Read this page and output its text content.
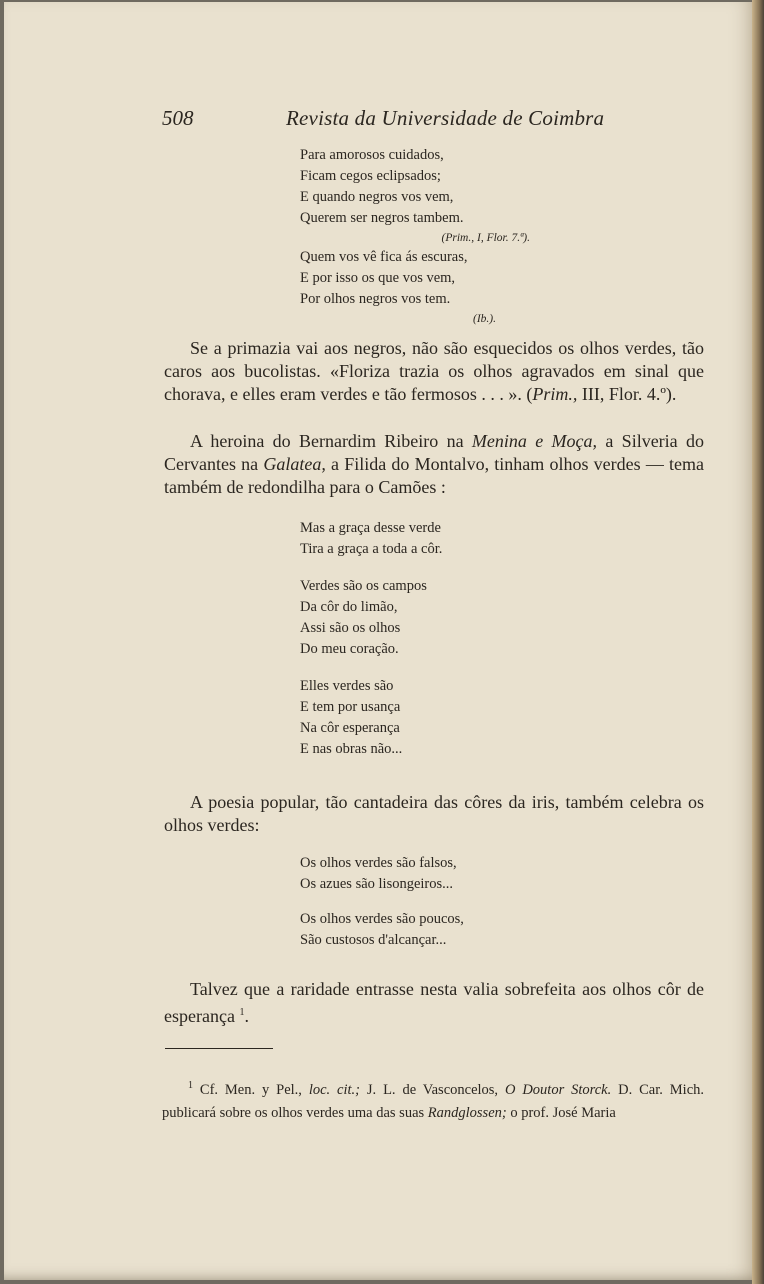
508	Revista da Universidade de Coimbra
Para amorosos cuidados,
Ficam cegos eclipsados;
E quando negros vos vem,
Querem ser negros tambem.
(Prim., I, Flor. 7.ª).
Quem vos vê fica ás escuras,
E por isso os que vos vem,
Por olhos negros vos tem.
(Ib.).

Se a primazia vai aos negros, não são esquecidos os olhos verdes, tão caros aos bucolistas. «Floriza trazia os olhos agravados em sinal que chorava, e elles eram verdes e tão fermosos . . . ». (Prim., III, Flor. 4.º).

A heroina do Bernardim Ribeiro na Menina e Moça, a Silveria do Cervantes na Galatea, a Filida do Montalvo, tinham olhos verdes — tema também de redondilha para o Camões :

Mas a graça desse verde
Tira a graça a toda a côr.
Verdes são os campos
Da côr do limão,
Assi são os olhos
Do meu coração.
Elles verdes são
E tem por usança
Na côr esperança
E nas obras não...

A poesia popular, tão cantadeira das côres da iris, também celebra os olhos verdes:

Os olhos verdes são falsos,
Os azues são lisongeiros...
Os olhos verdes são poucos,
São custosos d'alcançar...

Talvez que a raridade entrasse nesta valia sobrefeita aos olhos côr de esperança $^1$.

$^1$ Cf. Men. y Pel., loc. cit.; J. L. de Vasconcelos, O Doutor Storck. D. Car. Mich. publicará sobre os olhos verdes uma das suas Randglossen; o prof. José Maria
